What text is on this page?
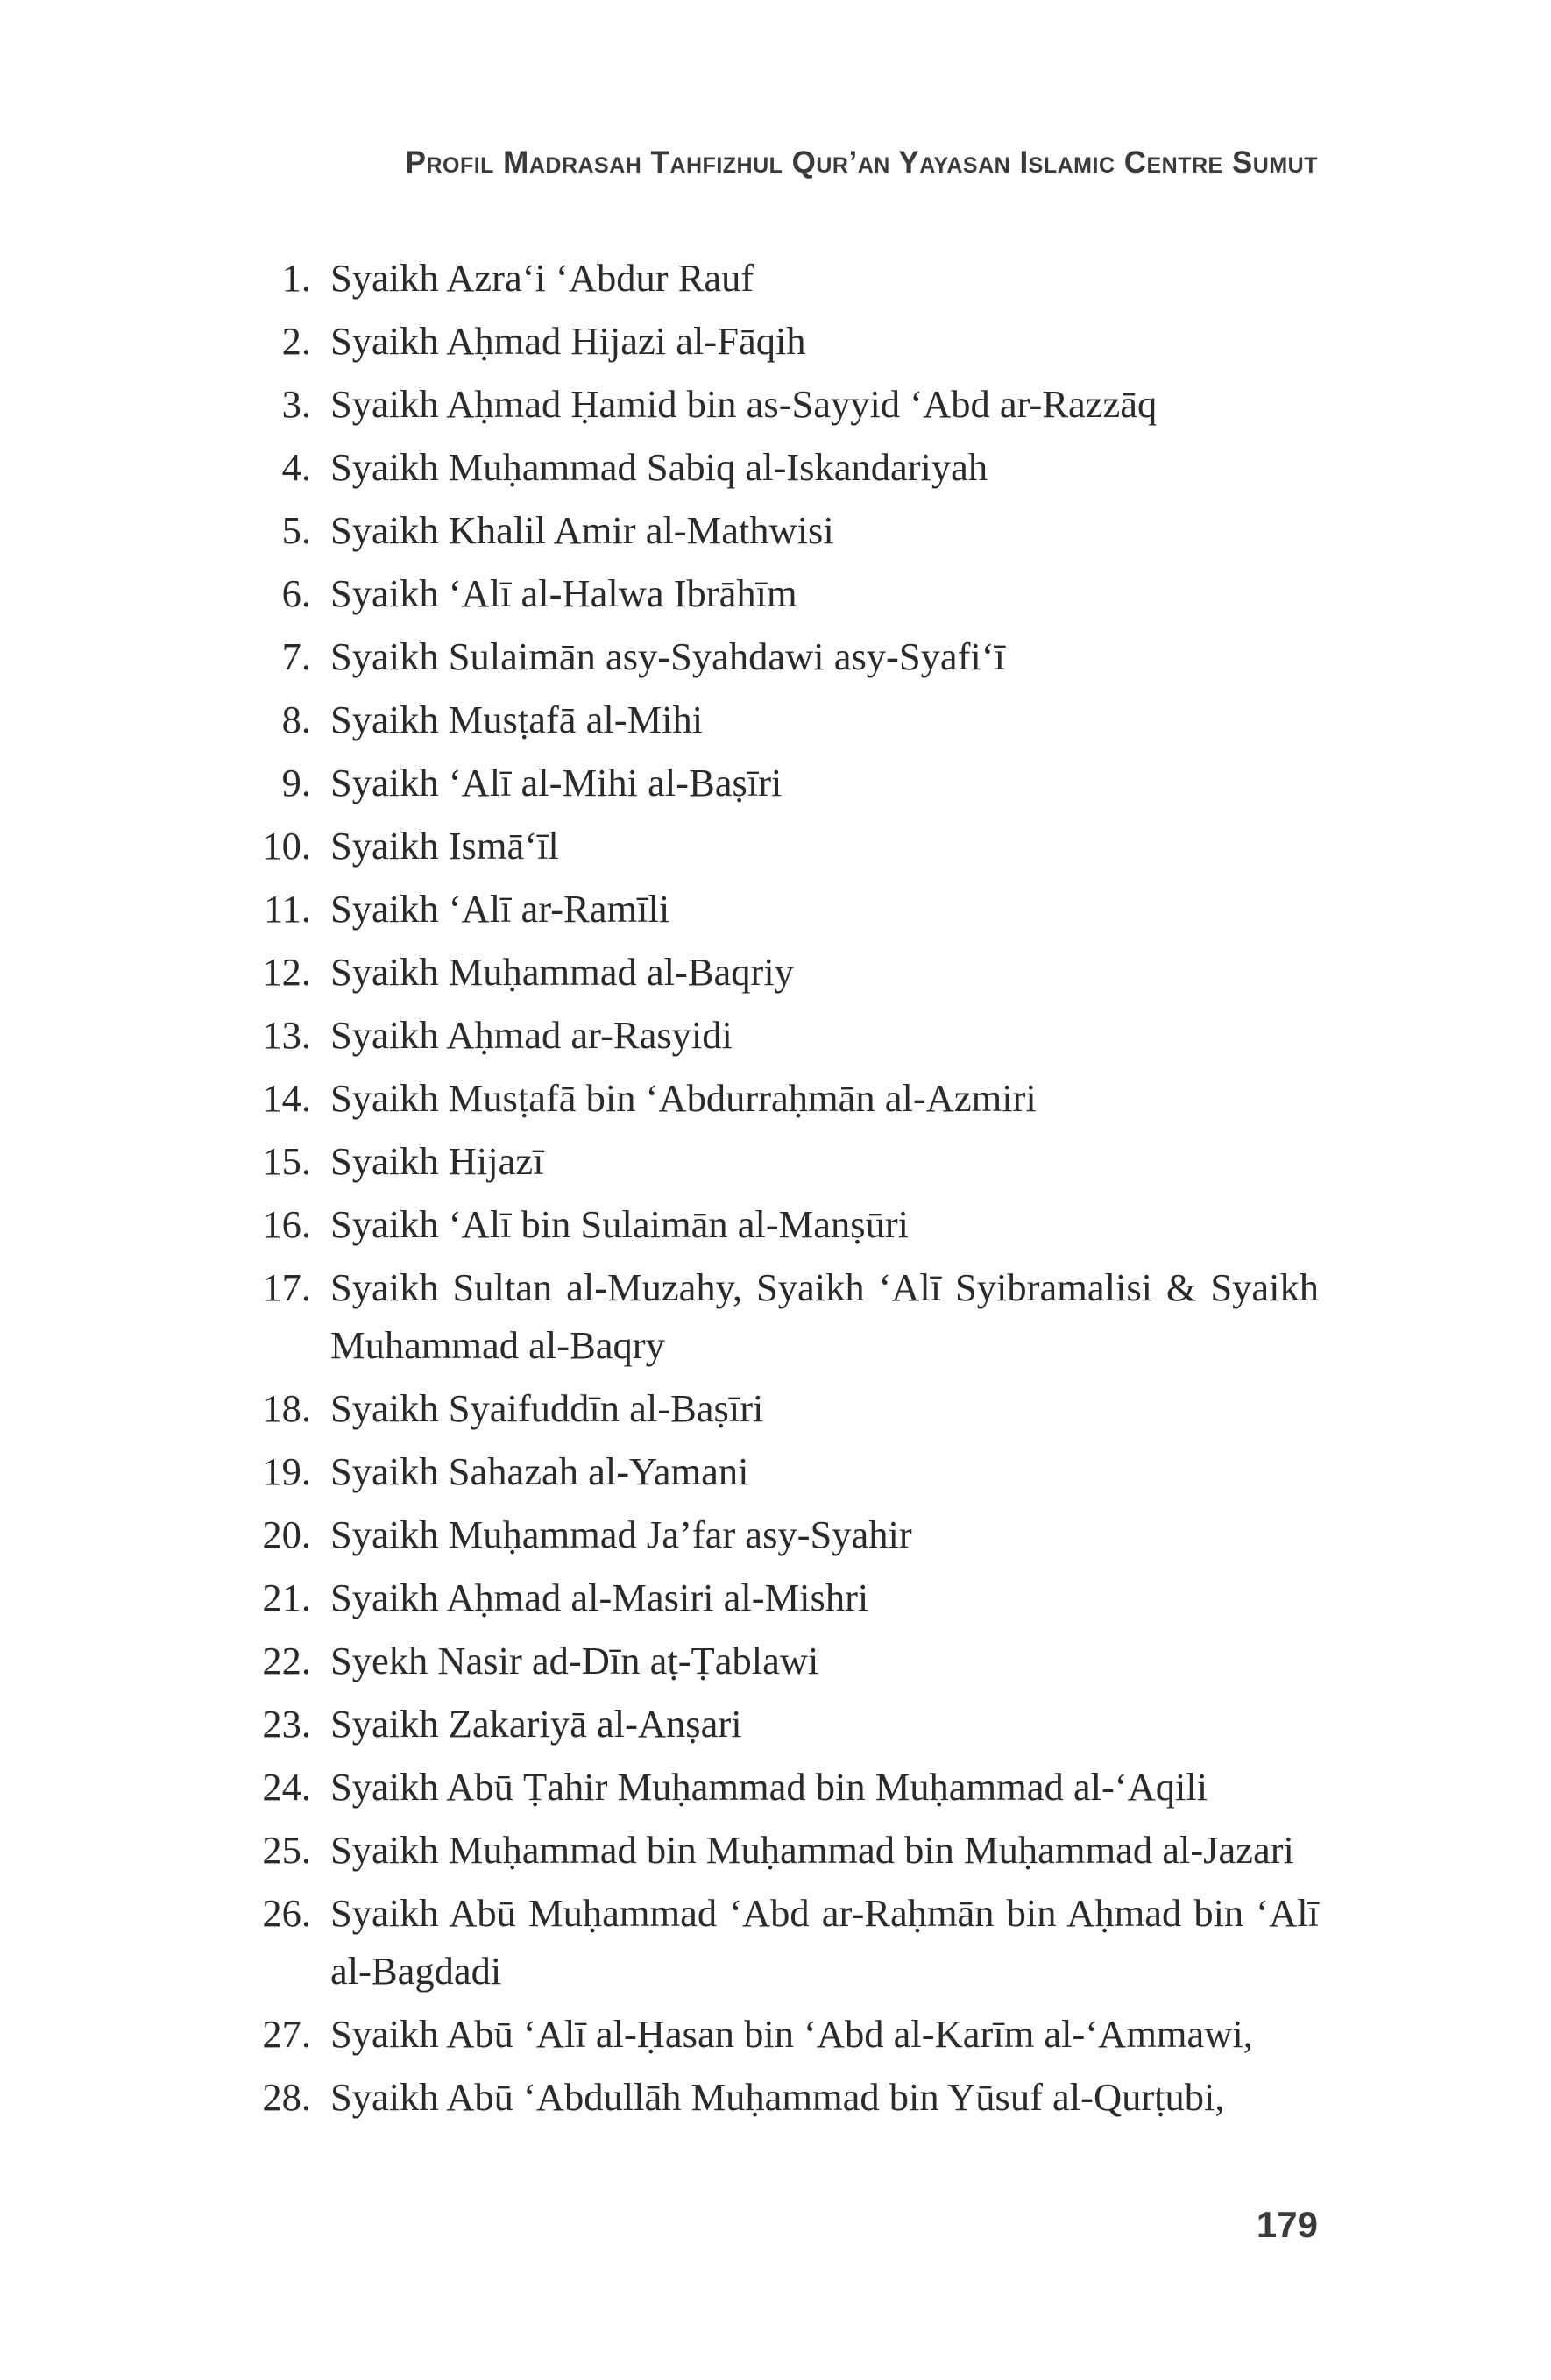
Profil Madrasah Tahfizhul Qur’an Yayasan Islamic Centre Sumut
1. Syaikh Azra‘i ‘Abdur Rauf
2. Syaikh Aḥmad Hijazi al-Fāqih
3. Syaikh Aḥmad Ḥamid bin as-Sayyid ‘Abd ar-Razzāq
4. Syaikh Muḥammad Sabiq al-Iskandariyah
5. Syaikh Khalil Amir al-Mathwisi
6. Syaikh ‘Alī al-Halwa Ibrāhīm
7. Syaikh Sulaimān asy-Syahdawi asy-Syafi‘ī
8. Syaikh Musṭafā al-Mihi
9. Syaikh ‘Alī al-Mihi al-Baṣīri
10. Syaikh Ismā‘īl
11. Syaikh ‘Alī ar-Ramīli
12. Syaikh Muḥammad al-Baqriy
13. Syaikh Aḥmad ar-Rasyidi
14. Syaikh Musṭafā bin ‘Abdurraḥmān al-Azmiri
15. Syaikh Hijazī
16. Syaikh ‘Alī bin Sulaimān al-Manṣūri
17. Syaikh Sultan al-Muzahy, Syaikh ‘Alī Syibramalisi & Syaikh Muhammad al-Baqry
18. Syaikh Syaifuddīn al-Baṣīri
19. Syaikh Sahazah al-Yamani
20. Syaikh Muḥammad Ja’far asy-Syahir
21. Syaikh Aḥmad al-Masiri al-Mishri
22. Syekh Nasir ad-Dīn aṭ-Ṭablawi
23. Syaikh Zakariyā al-Anṣari
24. Syaikh Abū Ṭahir Muḥammad bin Muḥammad al-‘Aqili
25. Syaikh Muḥammad bin Muḥammad bin Muḥammad al-Jazari
26. Syaikh Abū Muḥammad ‘Abd ar-Raḥmān bin Aḥmad bin ‘Alī al-Bagdadi
27. Syaikh Abū ‘Alī al-Ḥasan bin ‘Abd al-Karīm al-‘Ammawi,
28. Syaikh Abū ‘Abdullāh Muḥammad bin Yūsuf al-Qurṭubi,
179
